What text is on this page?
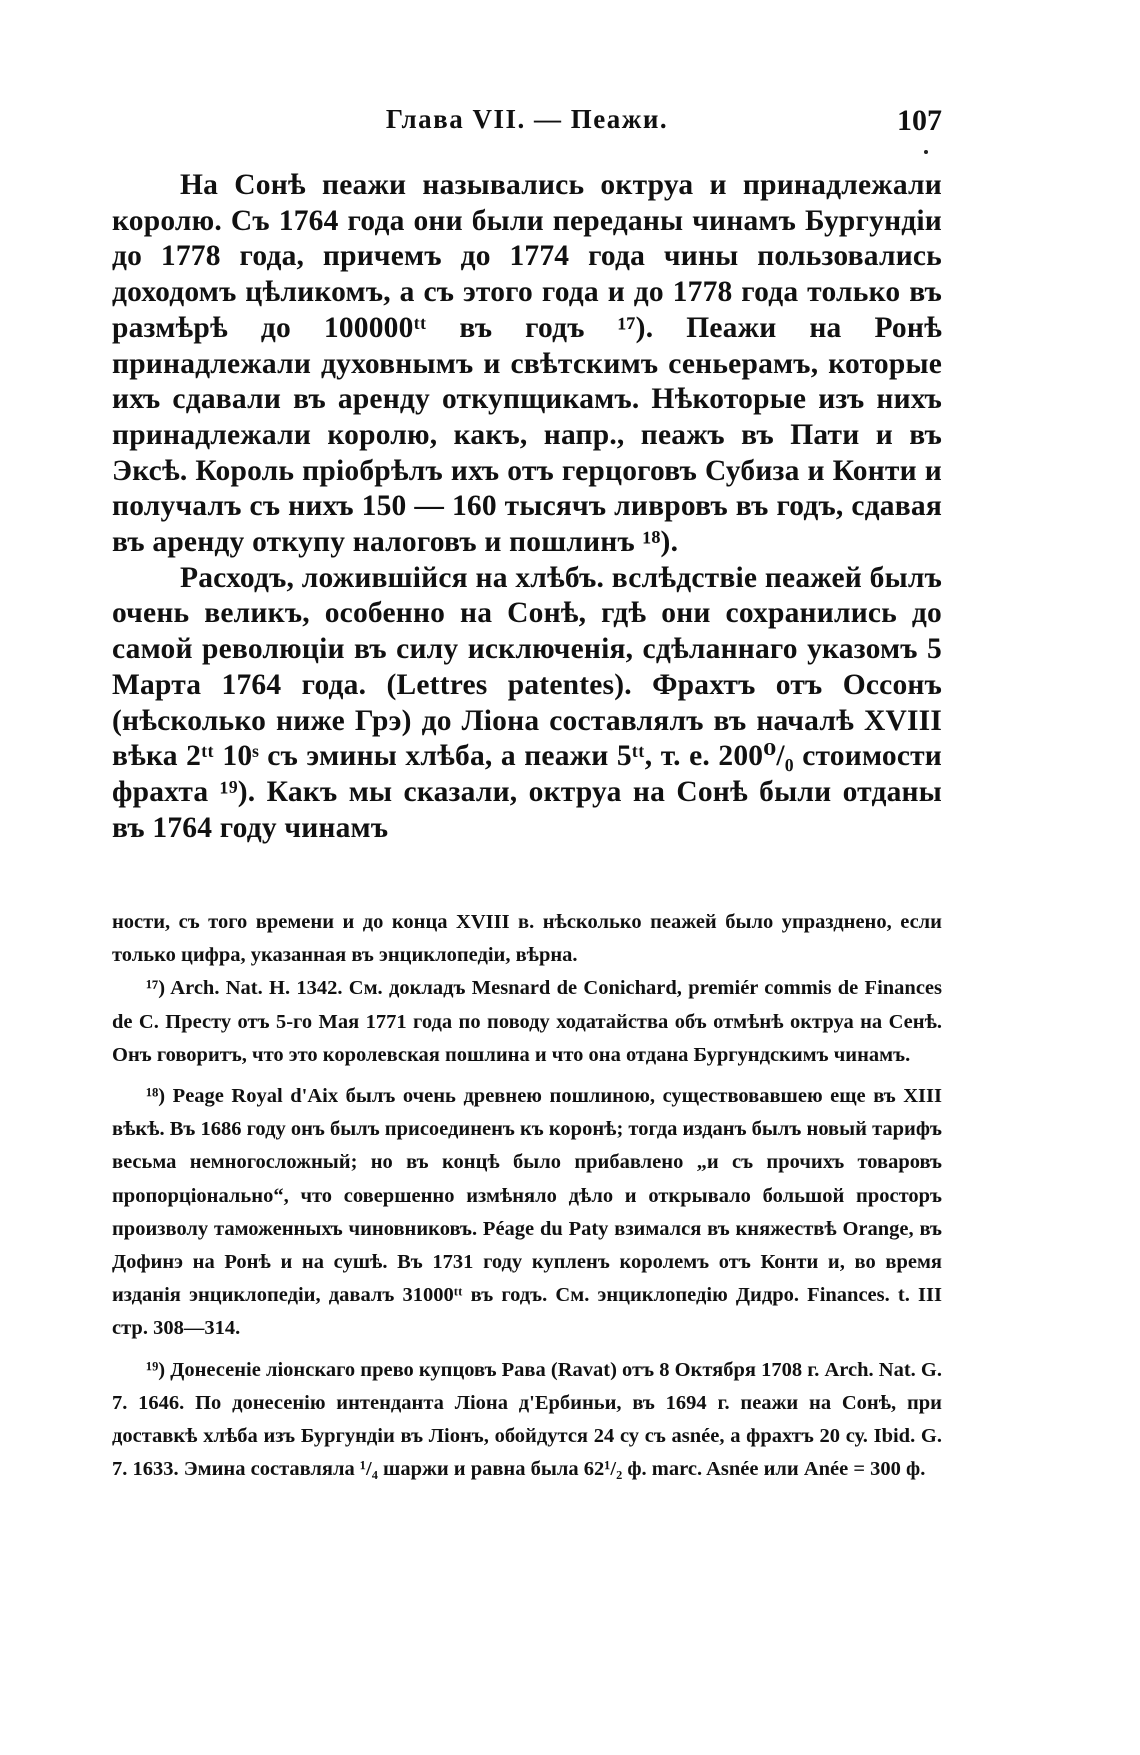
Глава VII. — Пеажи.	107

На Сонѣ пеажи назывались октруа и принадлежали королю. Съ 1764 года они были переданы чинамъ Бургундіи до 1778 года, причемъ до 1774 года чины пользовались доходомъ цѣликомъ, а съ этого года и до 1778 года только въ размѣрѣ до 100000ᵗᵗ въ годъ ¹⁷). Пеажи на Ронѣ принадлежали духовнымъ и свѣтскимъ сеньерамъ, которые ихъ сдавали въ аренду откупщикамъ. Нѣкоторые изъ нихъ принадлежали королю, какъ, напр., пеажъ въ Пати и въ Эксѣ. Король пріобрѣлъ ихъ отъ герцоговъ Субиза и Конти и получалъ съ нихъ 150 — 160 тысячъ ливровъ въ годъ, сдавая въ аренду откупу налоговъ и пошлинъ ¹⁸).

Расходъ, ложившійся на хлѣбъ. вслѣдствіе пеажей былъ очень великъ, особенно на Сонѣ, гдѣ они сохранились до самой революціи въ силу исключенія, сдѣланнаго указомъ 5 Марта 1764 года. (Lettres patentes). Фрахтъ отъ Оссонъ (нѣсколько ниже Грэ) до Ліона составлялъ въ началѣ XVIII вѣка 2ᵗᵗ 10ˢ съ эмины хлѣба, а пеажи 5ᵗᵗ, т. е. 200⁰/₀ стоимости фрахта ¹⁹). Какъ мы сказали, октруа на Сонѣ были отданы въ 1764 году чинамъ

ности, съ того времени и до конца XVIII в. нѣсколько пеажей было упразднено, если только цифра, указанная въ энциклопедіи, вѣрна.

¹⁷) Arch. Nat. H. 1342. См. докладъ Mesnard de Conichard, premiér commis de Finances de C. Престу отъ 5-го Мая 1771 года по поводу ходатайства объ отмѣнѣ октруа на Сенѣ. Онъ говоритъ, что это королевская пошлина и что она отдана Бургундскимъ чинамъ.

¹⁸) Peage Royal d'Aix былъ очень древнею пошлиною, существовавшею еще въ XIII вѣкѣ. Въ 1686 году онъ былъ присоединенъ къ коронѣ; тогда изданъ былъ новый тарифъ весьма немногосложный; но въ концѣ было прибавлено „и съ прочихъ товаровъ пропорціонально“, что совершенно измѣняло дѣло и открывало большой просторъ произволу таможенныхъ чиновниковъ. Péage du Paty взимался въ княжествѣ Orange, въ Дофинэ на Ронѣ и на сушѣ. Въ 1731 году купленъ королемъ отъ Конти и, во время изданія энциклопедіи, давалъ 31000ᵗᵗ въ годъ. См. энциклопедію Дидро. Finances. t. III стр. 308—314.

¹⁹) Донесеніе ліонскаго прево купцовъ Рава (Ravat) отъ 8 Октября 1708 г. Arch. Nat. G. 7. 1646. По донесенію интенданта Ліона д'Ербиньи, въ 1694 г. пеажи на Сонѣ, при доставкѣ хлѣба изъ Бургундіи въ Ліонъ, обойдутся 24 су съ asnée, а фрахтъ 20 су. Ibid. G. 7. 1633. Эмина составляла ¹/₄ шаржи и равна была 62¹/₂ ф. marc. Asnée или Anée = 300 ф.
